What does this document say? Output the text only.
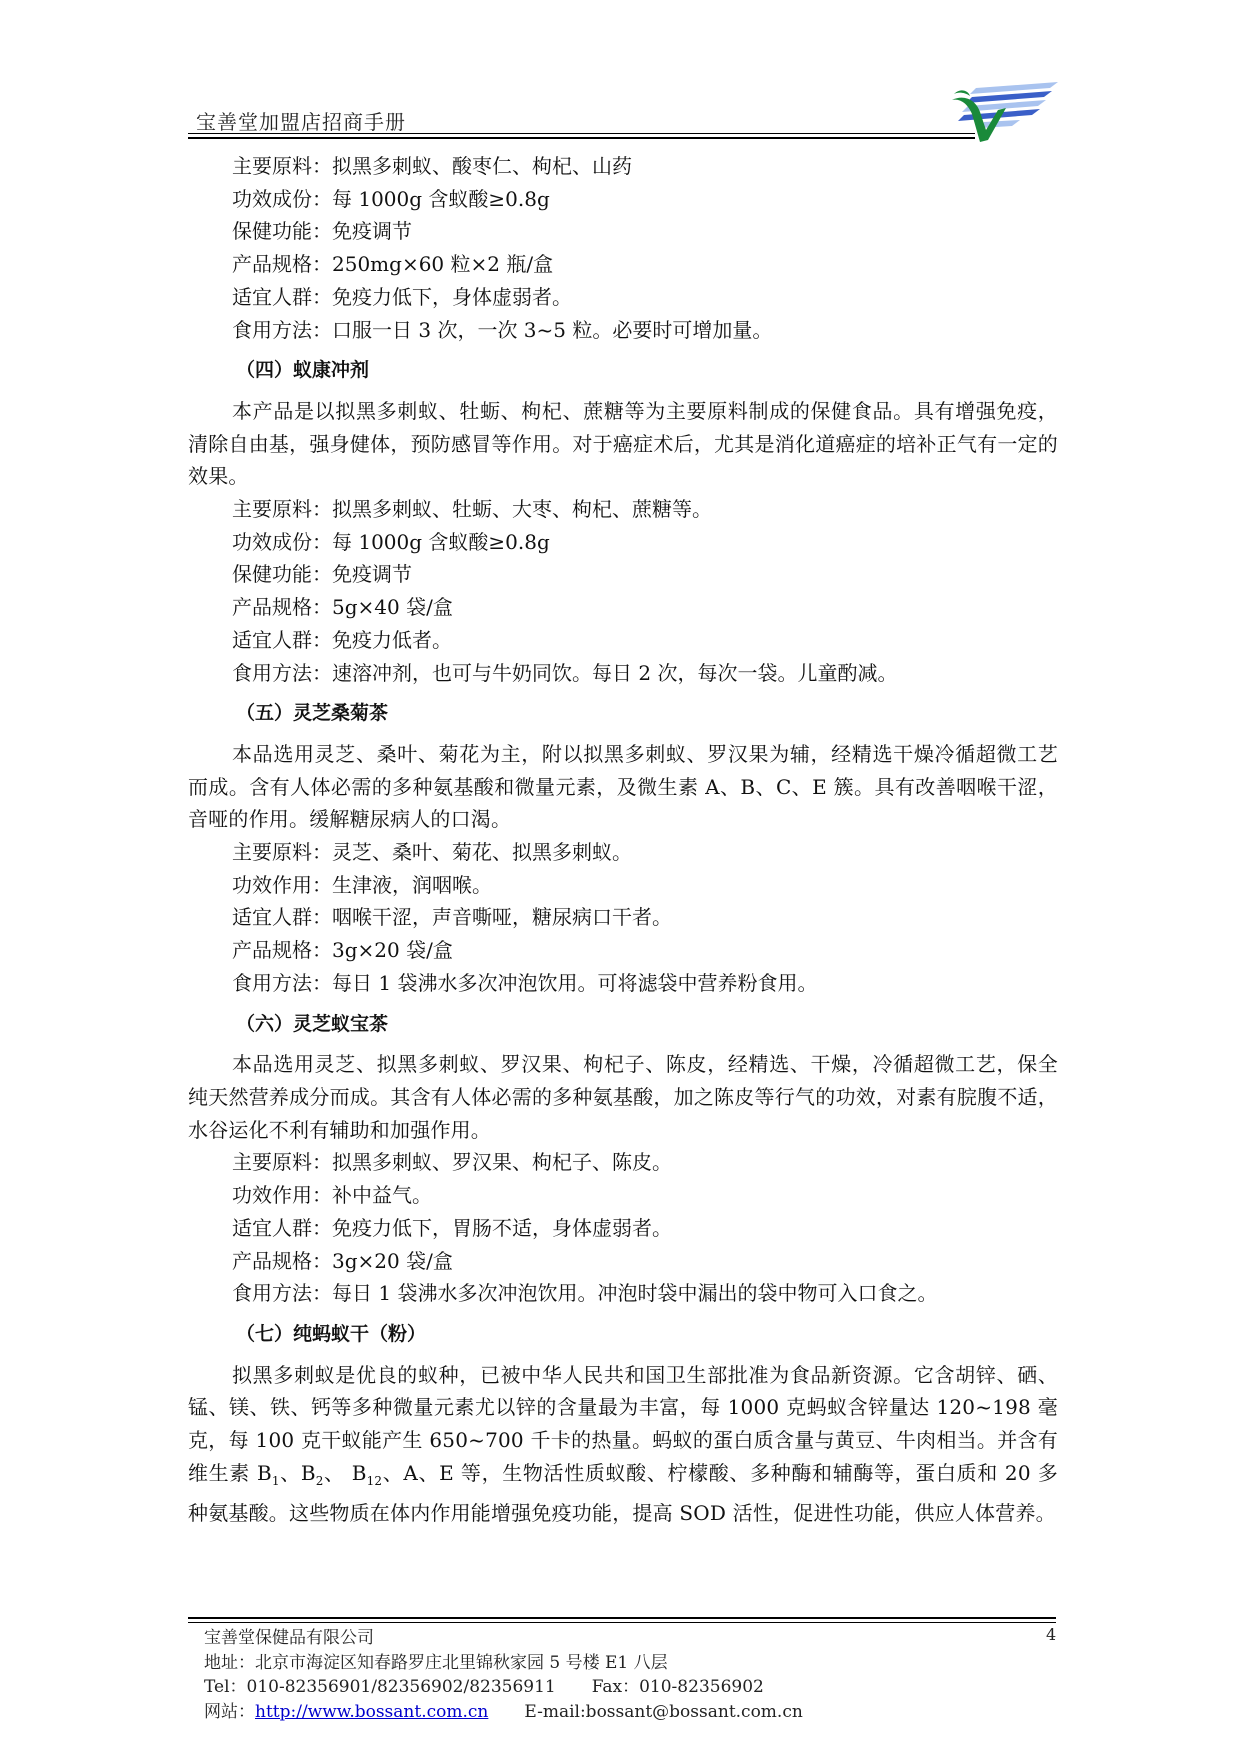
宝善堂加盟店招商手册
主要原料：拟黑多刺蚁、酸枣仁、枸杞、山药
功效成份：每 1000g 含蚁酸≥0.8g
保健功能：免疫调节
产品规格：250mg×60 粒×2 瓶/盒
适宜人群：免疫力低下，身体虚弱者。
食用方法：口服一日 3 次，一次 3~5 粒。必要时可增加量。
（四）蚁康冲剂
本产品是以拟黑多刺蚁、牡蛎、枸杞、蔗糖等为主要原料制成的保健食品。具有增强免疫，清除自由基，强身健体，预防感冒等作用。对于癌症术后，尤其是消化道癌症的培补正气有一定的效果。
主要原料：拟黑多刺蚁、牡蛎、大枣、枸杞、蔗糖等。
功效成份：每 1000g 含蚁酸≥0.8g
保健功能：免疫调节
产品规格：5g×40 袋/盒
适宜人群：免疫力低者。
食用方法：速溶冲剂，也可与牛奶同饮。每日 2 次，每次一袋。儿童酌减。
（五）灵芝桑菊茶
本品选用灵芝、桑叶、菊花为主，附以拟黑多刺蚁、罗汉果为辅，经精选干燥冷循超微工艺而成。含有人体必需的多种氨基酸和微量元素，及微生素 A、B、C、E 簇。具有改善咽喉干涩，音哑的作用。缓解糖尿病人的口渴。
主要原料：灵芝、桑叶、菊花、拟黑多刺蚁。
功效作用：生津液，润咽喉。
适宜人群：咽喉干涩，声音嘶哑，糖尿病口干者。
产品规格：3g×20 袋/盒
食用方法：每日 1 袋沸水多次冲泡饮用。可将滤袋中营养粉食用。
（六）灵芝蚁宝茶
本品选用灵芝、拟黑多刺蚁、罗汉果、枸杞子、陈皮，经精选、干燥，冷循超微工艺，保全纯天然营养成分而成。其含有人体必需的多种氨基酸，加之陈皮等行气的功效，对素有脘腹不适，水谷运化不利有辅助和加强作用。
主要原料：拟黑多刺蚁、罗汉果、枸杞子、陈皮。
功效作用：补中益气。
适宜人群：免疫力低下，胃肠不适，身体虚弱者。
产品规格：3g×20 袋/盒
食用方法：每日 1 袋沸水多次冲泡饮用。冲泡时袋中漏出的袋中物可入口食之。
（七）纯蚂蚁干（粉）
拟黑多刺蚁是优良的蚁种，已被中华人民共和国卫生部批准为食品新资源。它含胡锌、硒、锰、镁、铁、钙等多种微量元素尤以锌的含量最为丰富，每 1000 克蚂蚁含锌量达 120~198 毫克，每 100 克干蚁能产生 650~700 千卡的热量。蚂蚁的蛋白质含量与黄豆、牛肉相当。并含有维生素 $B_1$、$B_2$、 $B_{12}$、A、E 等，生物活性质蚁酸、柠檬酸、多种酶和辅酶等，蛋白质和 20 多种氨基酸。这些物质在体内作用能增强免疫功能，提高 SOD 活性，促进性功能，供应人体营养。
4
宝善堂保健品有限公司
地址：北京市海淀区知春路罗庄北里锦秋家园 5 号楼 E1 八层
Tel：010-82356901/82356902/82356911 Fax：010-82356902
网站：http://www.bossant.com.cn E-mail:bossant@bossant.com.cn
